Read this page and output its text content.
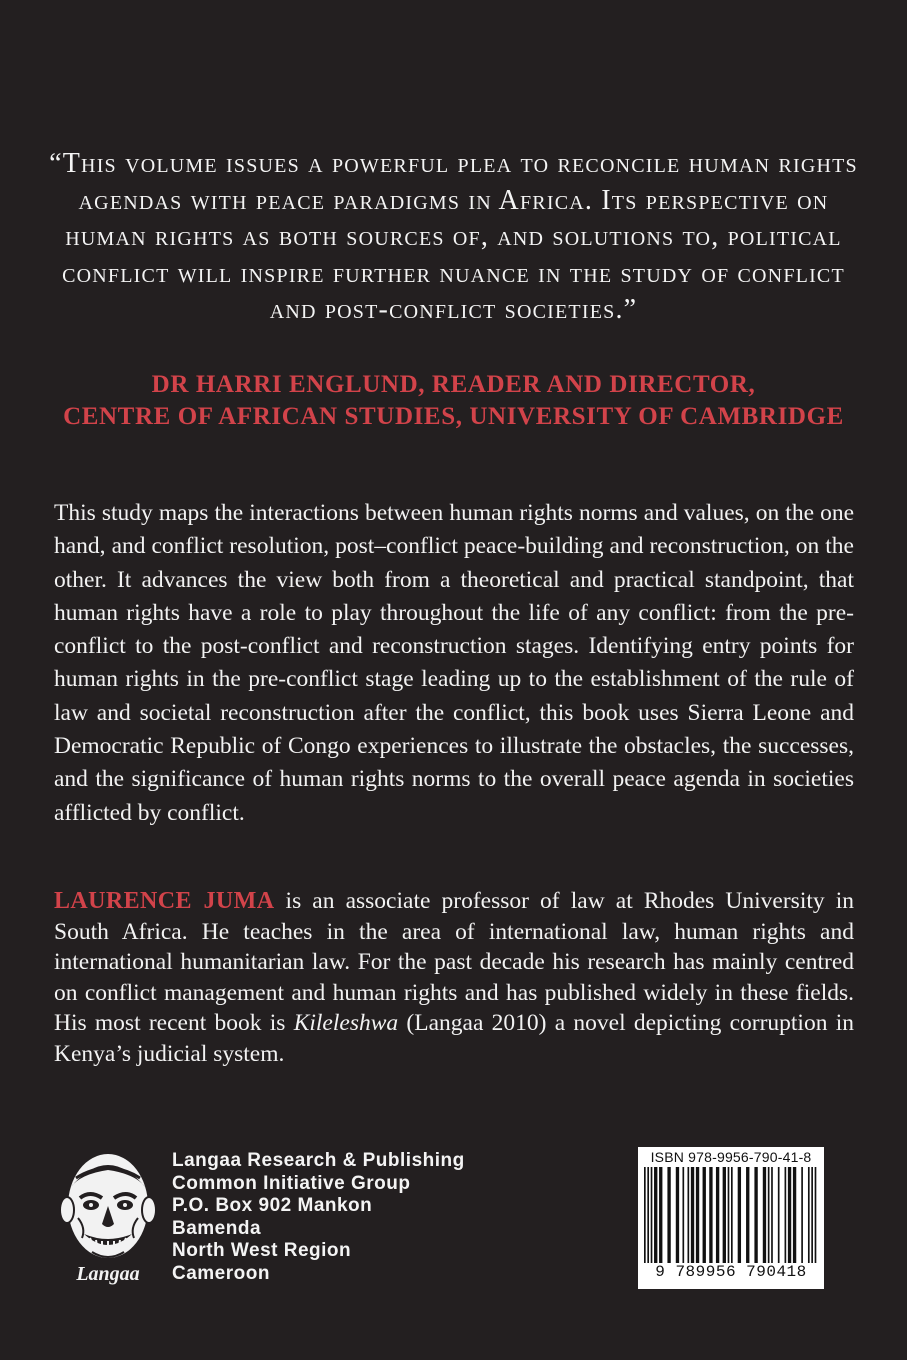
“This volume issues a powerful plea to reconcile human rights agendas with peace paradigms in Africa. Its perspective on human rights as both sources of, and solutions to, political conflict will inspire further nuance in the study of conflict and post-conflict societies.”
DR HARRI ENGLUND, READER AND DIRECTOR,
CENTRE OF AFRICAN STUDIES, UNIVERSITY OF CAMBRIDGE
This study maps the interactions between human rights norms and values, on the one hand, and conflict resolution, post–conflict peace-building and reconstruction, on the other. It advances the view both from a theoretical and practical standpoint, that human rights have a role to play throughout the life of any conflict: from the pre-conflict to the post-conflict and reconstruction stages. Identifying entry points for human rights in the pre-conflict stage leading up to the establishment of the rule of law and societal reconstruction after the conflict, this book uses Sierra Leone and Democratic Republic of Congo experiences to illustrate the obstacles, the successes, and the significance of human rights norms to the overall peace agenda in societies afflicted by conflict.
LAURENCE JUMA is an associate professor of law at Rhodes University in South Africa. He teaches in the area of international law, human rights and international humanitarian law. For the past decade his research has mainly centred on conflict management and human rights and has published widely in these fields. His most recent book is Kileleshwa (Langaa 2010) a novel depicting corruption in Kenya’s judicial system.
Langaa
Langaa Research & Publishing
Common Initiative Group
P.O. Box 902 Mankon
Bamenda
North West Region
Cameroon
ISBN 978-9956-790-41-8
9 789956 790418
